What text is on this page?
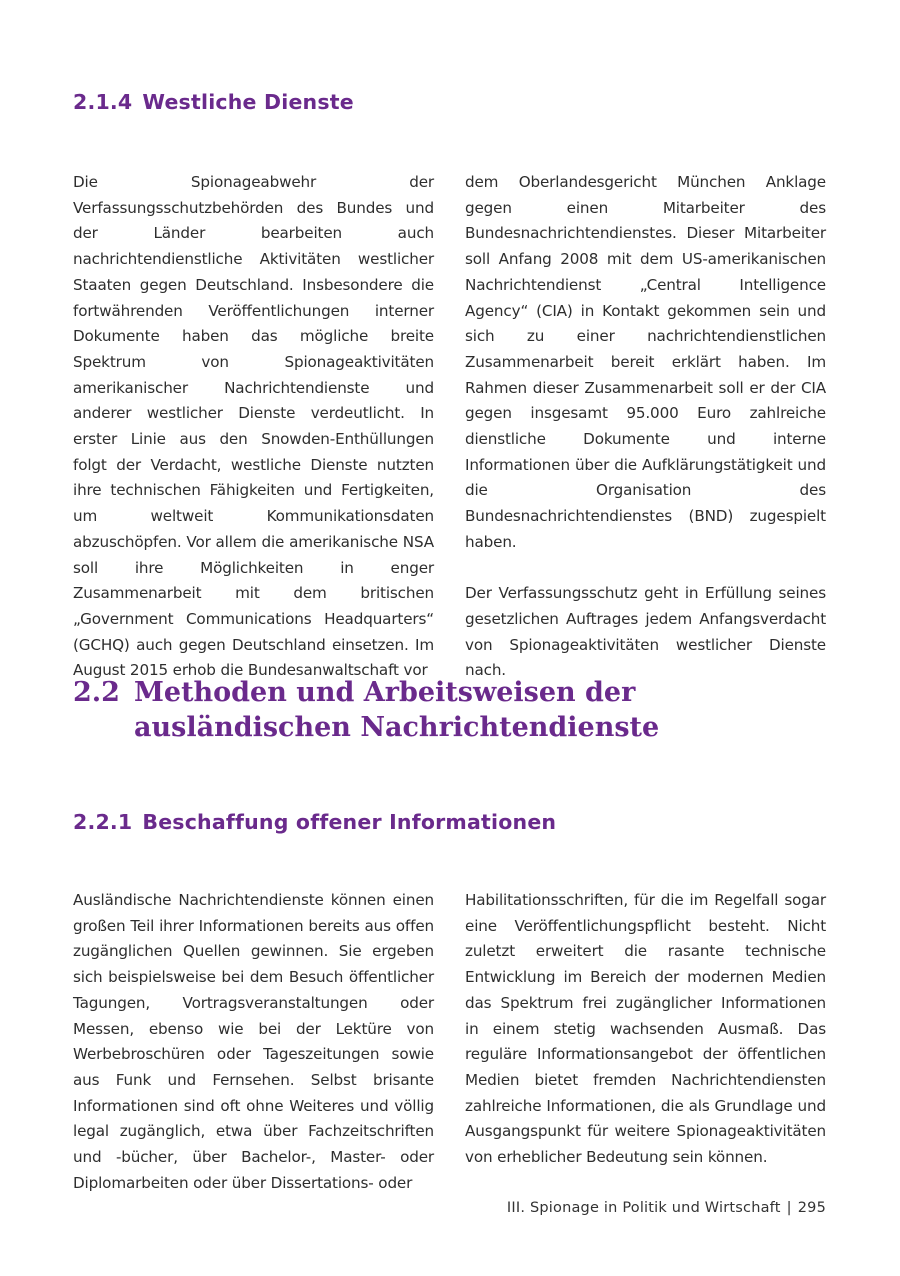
2.1.4 Westliche Dienste

Die Spionageabwehr der Verfassungsschutzbehörden des Bundes und der Länder bearbeiten auch nachrichtendienstliche Aktivitäten westlicher Staaten gegen Deutschland. Insbesondere die fortwährenden Veröffentlichungen interner Dokumente haben das mögliche breite Spektrum von Spionageaktivitäten amerikanischer Nachrichtendienste und anderer westlicher Dienste verdeutlicht. In erster Linie aus den Snowden-Enthüllungen folgt der Verdacht, westliche Dienste nutzten ihre technischen Fähigkeiten und Fertigkeiten, um weltweit Kommunikationsdaten abzuschöpfen. Vor allem die amerikanische NSA soll ihre Möglichkeiten in enger Zusammenarbeit mit dem britischen „Government Communications Headquarters“ (GCHQ) auch gegen Deutschland einsetzen. Im August 2015 erhob die Bundesanwaltschaft vor

dem Oberlandesgericht München Anklage gegen einen Mitarbeiter des Bundesnachrichtendienstes. Dieser Mitarbeiter soll Anfang 2008 mit dem US-amerikanischen Nachrichtendienst „Central Intelligence Agency“ (CIA) in Kontakt gekommen sein und sich zu einer nachrichtendienstlichen Zusammenarbeit bereit erklärt haben. Im Rahmen dieser Zusammenarbeit soll er der CIA gegen insgesamt 95.000 Euro zahlreiche dienstliche Dokumente und interne Informationen über die Aufklärungstätigkeit und die Organisation des Bundesnachrichtendienstes (BND) zugespielt haben.

Der Verfassungsschutz geht in Erfüllung seines gesetzlichen Auftrages jedem Anfangsverdacht von Spionageaktivitäten westlicher Dienste nach.

2.2 Methoden und Arbeitsweisen der ausländischen Nachrichtendienste
2.2.1 Beschaffung offener Informationen

Ausländische Nachrichtendienste können einen großen Teil ihrer Informationen bereits aus offen zugänglichen Quellen gewinnen. Sie ergeben sich beispielsweise bei dem Besuch öffentlicher Tagungen, Vortragsveranstaltungen oder Messen, ebenso wie bei der Lektüre von Werbebroschüren oder Tageszeitungen sowie aus Funk und Fernsehen. Selbst brisante Informationen sind oft ohne Weiteres und völlig legal zugänglich, etwa über Fachzeitschriften und -bücher, über Bachelor-, Master- oder Diplomarbeiten oder über Dissertations- oder

Habilitationsschriften, für die im Regelfall sogar eine Veröffentlichungspflicht besteht. Nicht zuletzt erweitert die rasante technische Entwicklung im Bereich der modernen Medien das Spektrum frei zugänglicher Informationen in einem stetig wachsenden Ausmaß. Das reguläre Informationsangebot der öffentlichen Medien bietet fremden Nachrichtendiensten zahlreiche Informationen, die als Grundlage und Ausgangspunkt für weitere Spionageaktivitäten von erheblicher Bedeutung sein können.

III. Spionage in Politik und Wirtschaft | 295
